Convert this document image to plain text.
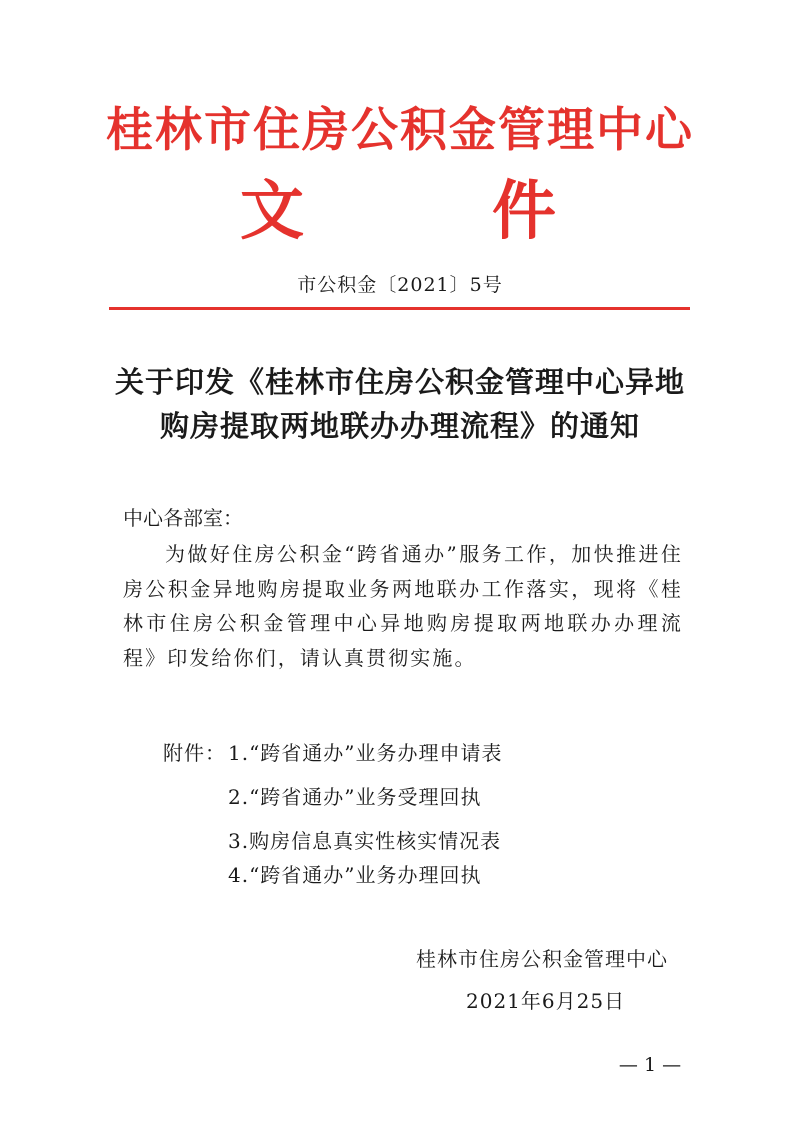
桂林市住房公积金管理中心
文	件
市公积金〔2021〕5号
关于印发《桂林市住房公积金管理中心异地
购房提取两地联办办理流程》的通知
中心各部室：
为做好住房公积金“跨省通办”服务工作，加快推进住房公积金异地购房提取业务两地联办工作落实，现将《桂林市住房公积金管理中心异地购房提取两地联办办理流程》印发给你们，请认真贯彻实施。
附件： 1.“跨省通办”业务办理申请表
2.“跨省通办”业务受理回执
3.购房信息真实性核实情况表
4.“跨省通办”业务办理回执
桂林市住房公积金管理中心
2021年6月25日
— 1 —
